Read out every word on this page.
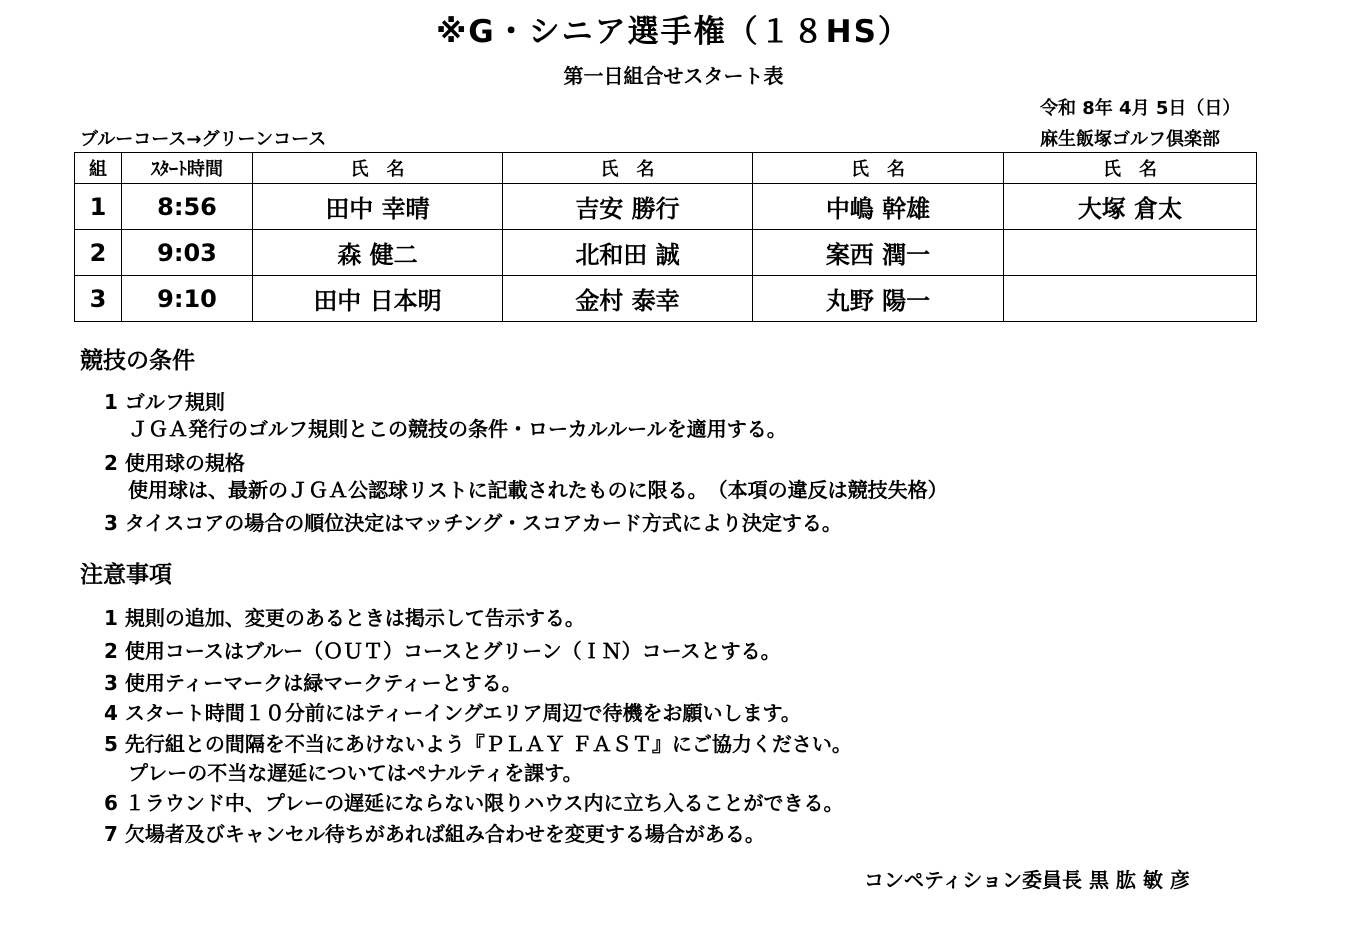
※G・シニア選手権（１８HS）
第一日組合せスタート表
令和 8年 4月 5日（日）
ブルーコース→グリーンコース	麻生飯塚ゴルフ倶楽部
組	ｽﾀｰﾄ時間	氏　名	氏　名	氏　名	氏　名
1	8:56	田中 幸晴	吉安 勝行	中嶋 幹雄	大塚 倉太
2	9:03	森 健二	北和田 誠	案西 潤一	
3	9:10	田中 日本明	金村 泰幸	丸野 陽一	
競技の条件
1 ゴルフ規則
ＪＧＡ発行のゴルフ規則とこの競技の条件・ローカルルールを適用する。
2 使用球の規格
使用球は、最新のＪＧＡ公認球リストに記載されたものに限る。　（本項の違反は競技失格）
3 タイスコアの場合の順位決定はマッチング・スコアカード方式により決定する。
注意事項
1 規則の追加、変更のあるときは掲示して告示する。
2 使用コースはブルー（ＯＵＴ）コースとグリーン（ＩＮ）コースとする。
3 使用ティーマークは緑マークティーとする。
4 スタート時間１０分前にはティーイングエリア周辺で待機をお願いします。
5 先行組との間隔を不当にあけないよう『ＰＬＡＹ ＦＡＳＴ』にご協力ください。
プレーの不当な遅延についてはペナルティを課す。
6 １ラウンド中、プレーの遅延にならない限りハウス内に立ち入ることができる。
7 欠場者及びキャンセル待ちがあれば組み合わせを変更する場合がある。
コンペティション委員長 黒 肱 敏 彦
